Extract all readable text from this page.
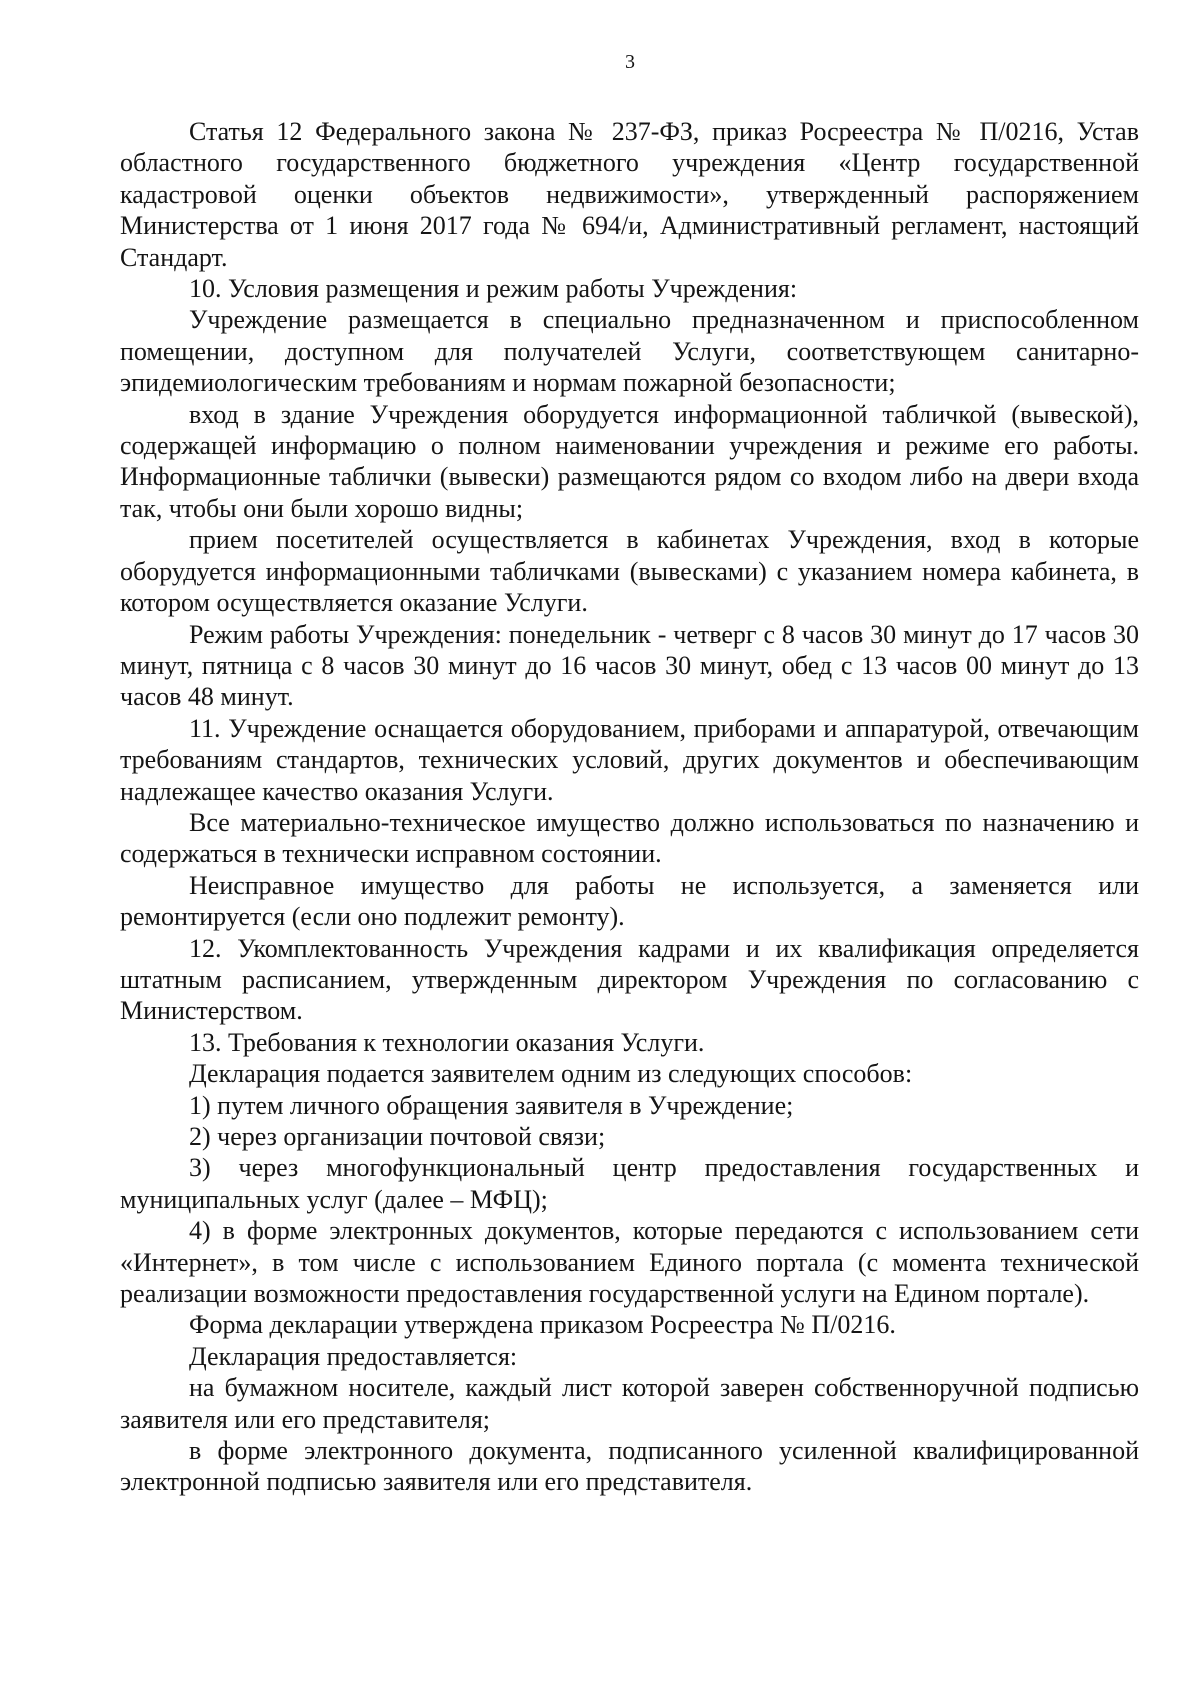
3

Статья 12 Федерального закона № 237-ФЗ, приказ Росреестра № П/0216, Устав областного государственного бюджетного учреждения «Центр государственной кадастровой оценки объектов недвижимости», утвержденный распоряжением Министерства от 1 июня 2017 года № 694/и, Административный регламент, настоящий Стандарт.

10. Условия размещения и режим работы Учреждения:

Учреждение размещается в специально предназначенном и приспособленном помещении, доступном для получателей Услуги, соответствующем санитарно-эпидемиологическим требованиям и нормам пожарной безопасности;

вход в здание Учреждения оборудуется информационной табличкой (вывеской), содержащей информацию о полном наименовании учреждения и режиме его работы. Информационные таблички (вывески) размещаются рядом со входом либо на двери входа так, чтобы они были хорошо видны;

прием посетителей осуществляется в кабинетах Учреждения, вход в которые оборудуется информационными табличками (вывесками) с указанием номера кабинета, в котором осуществляется оказание Услуги.

Режим работы Учреждения: понедельник - четверг с 8 часов 30 минут до 17 часов 30 минут, пятница с 8 часов 30 минут до 16 часов 30 минут, обед с 13 часов 00 минут до 13 часов 48 минут.

11. Учреждение оснащается оборудованием, приборами и аппаратурой, отвечающим требованиям стандартов, технических условий, других документов и обеспечивающим надлежащее качество оказания Услуги.

Все материально-техническое имущество должно использоваться по назначению и содержаться в технически исправном состоянии.

Неисправное имущество для работы не используется, а заменяется или ремонтируется (если оно подлежит ремонту).

12. Укомплектованность Учреждения кадрами и их квалификация определяется штатным расписанием, утвержденным директором Учреждения по согласованию с Министерством.

13. Требования к технологии оказания Услуги.

Декларация подается заявителем одним из следующих способов:

1) путем личного обращения заявителя в Учреждение;

2) через организации почтовой связи;

3) через многофункциональный центр предоставления государственных и муниципальных услуг (далее – МФЦ);

4) в форме электронных документов, которые передаются с использованием сети «Интернет», в том числе с использованием Единого портала (с момента технической реализации возможности предоставления государственной услуги на Едином портале).

Форма декларации утверждена приказом Росреестра № П/0216.

Декларация предоставляется:

на бумажном носителе, каждый лист которой заверен собственноручной подписью заявителя или его представителя;

в форме электронного документа, подписанного усиленной квалифицированной электронной подписью заявителя или его представителя.
